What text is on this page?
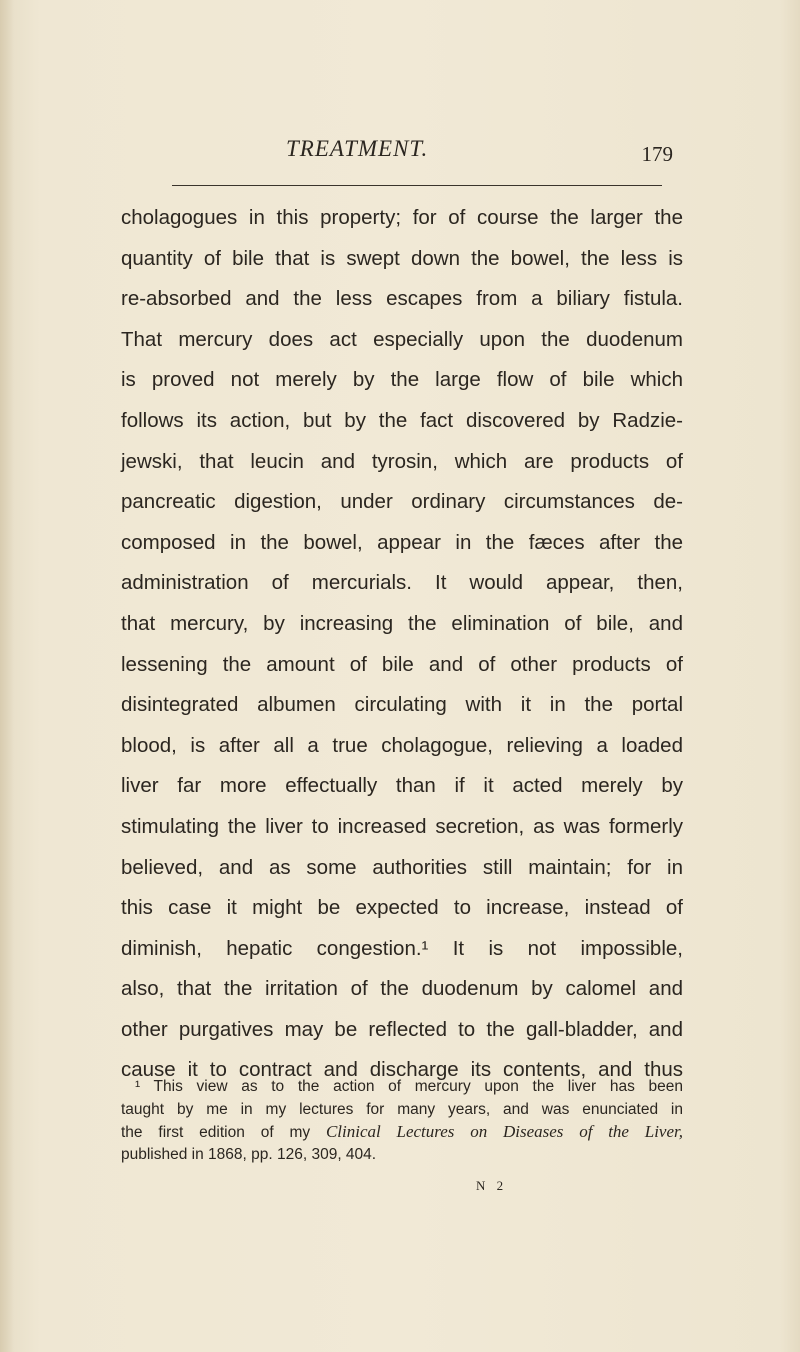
TREATMENT.	179
cholagogues in this property; for of course the larger the
quantity of bile that is swept down the bowel, the less is
re-absorbed and the less escapes from a biliary fistula.
That mercury does act especially upon the duodenum
is proved not merely by the large flow of bile which
follows its action, but by the fact discovered by Radzie-
jewski, that leucin and tyrosin, which are products of
pancreatic digestion, under ordinary circumstances de-
composed in the bowel, appear in the fæces after the
administration of mercurials. It would appear, then,
that mercury, by increasing the elimination of bile, and
lessening the amount of bile and of other products of
disintegrated albumen circulating with it in the portal
blood, is after all a true cholagogue, relieving a loaded
liver far more effectually than if it acted merely by
stimulating the liver to increased secretion, as was formerly
believed, and as some authorities still maintain; for in
this case it might be expected to increase, instead of
diminish, hepatic congestion.¹ It is not impossible,
also, that the irritation of the duodenum by calomel and
other purgatives may be reflected to the gall-bladder, and
cause it to contract and discharge its contents, and thus
¹ This view as to the action of mercury upon the liver has been
taught by me in my lectures for many years, and was enunciated in
the first edition of my Clinical Lectures on Diseases of the Liver,
published in 1868, pp. 126, 309, 404.
N 2
